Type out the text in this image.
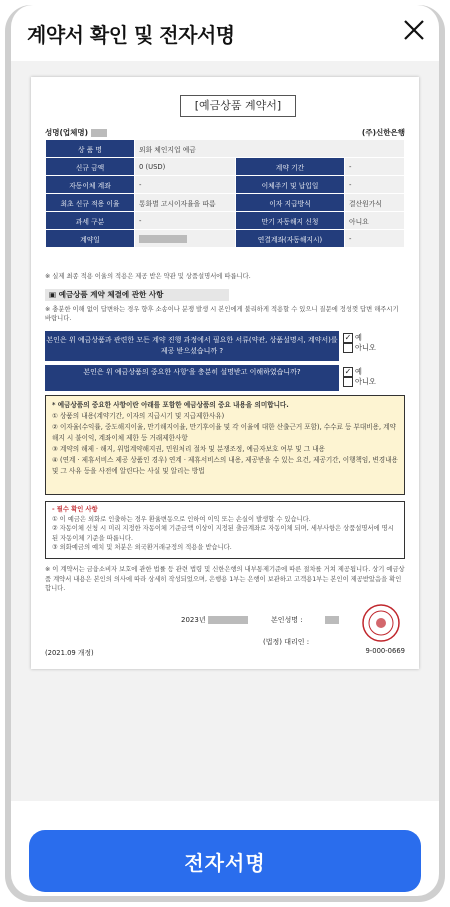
계약서 확인 및 전자서명
[예금상품 계약서]
성명(업체명)	(주)신한은행
상 품 명	외화 체인지업 예금		
신규 금액	0 (USD)	계약 기간	-
자동이체 계좌	-	이체주기 및 납입일	-
최초 신규 적용 이율	통화별 고시이자율을 따름	이자 지급방식	결산원가식
과세 구분	-	만기 자동해지 신청	아니요
계약일		연결계좌(자동해지시)	-
※ 실제 최종 적용 이율의 적용은 제공 받은 약관 및 상품설명서에 따릅니다.
▣ 예금상품 계약 체결에 관한 사항
※ 충분한 이해 없이 답변하는 경우 향후 소송이나 분쟁 발생 시 본인에게 불리하게 적용할 수 있으니 질문에 정성껏 답변 해주시기 바랍니다.
본인은 위 예금상품과 관련한 모든 계약 진행 과정에서 필요한 서류(약관, 상품설명서, 계약서)를 제공 받으셨습니까 ?
✓ 예
아니오
본인은 위 예금상품의 중요한 사항'을 충분히 설명받고 이해하였습니까?	✓ 예
아니오
* 예금상품의 중요한 사항이란 아래를 포함한 예금상품의 중요 내용을 의미합니다.
① 상품의 내용(계약기간, 이자의 지급시기 및 지급제한사유)
② 이자율(수익률, 중도해지이율, 만기해지이율, 만기후이율 및 각 이율에 대한 산출근거 포함), 수수료 등 부대비용, 계약해지 시 불이익, 계좌이체 제한 등 거래제한사항
③ 계약의 해제 · 해지, 위법계약해지권, 민원처리 절차 및 분쟁조정, 예금자보호 여부 및 그 내용
④ (연계 · 제휴서비스 제공 상품인 경우) 연계 · 제휴서비스의 내용, 제공받을 수 있는 요건, 제공기간, 이행책임, 변경내용 및 그 사유 등을 사전에 알린다는 사실 및 알리는 방법
- 필수 확인 사항
① 이 예금은 외화로 인출하는 경우 환율변동으로 인하여 이익 또는 손실이 발생할 수 있습니다.
② 자동이체 신청 시 미리 지정한 자동이체 기준금액 이상이 지정된 출금계좌로 자동이체 되며, 세부사항은 상품설명서에 명시된 자동이체 기준을 따릅니다.
③ 외화예금의 예치 및 처분은 외국환거래규정의 적용을 받습니다.
※ 이 계약서는 금융소비자 보호에 관한 법률 등 관련 법령 및 신한은행의 내부통제기준에 따른 절차를 거쳐 제공됩니다. 상기 예금상품 계약서 내용은 본인의 의사에 따라 상세히 작성되었으며, 은행용 1부는 은행이 보관하고 고객용1부는 본인이 제공받았음을 확인합니다.
2023년	본인성명 :
(법정) 대리인 :
(2021.09 개정)	9-000-0669
전자서명
